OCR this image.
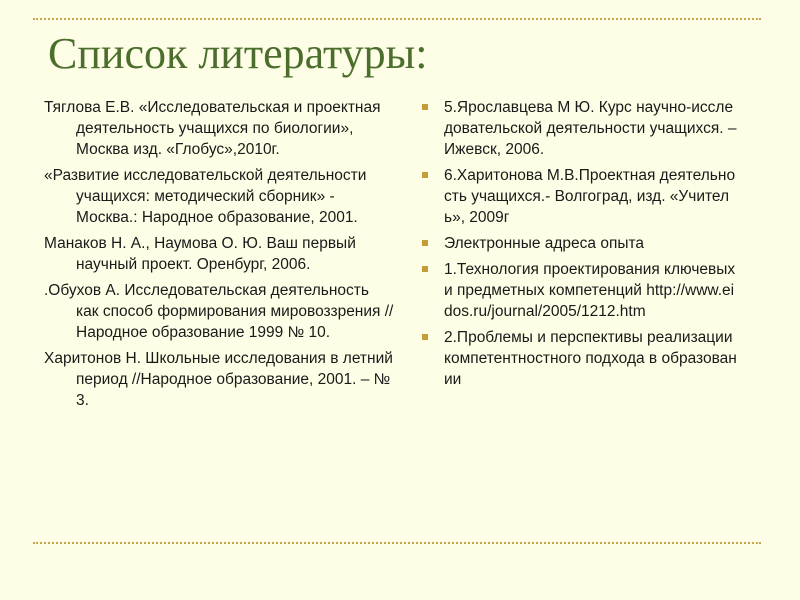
Список литературы:
Тяглова Е.В. «Исследовательская и проектная деятельность учащихся по биологии», Москва изд. «Глобус»,2010г.
«Развитие исследовательской деятельности учащихся: методический сборник» - Москва.: Народное образование, 2001.
Манаков Н. А., Наумова О. Ю. Ваш первый научный проект. Оренбург, 2006.
.Обухов А. Исследовательская деятельность как способ формирования мировоззрения //Народное образование 1999 № 10.
Харитонов Н. Школьные исследования в летний период //Народное образование, 2001. – № 3.
5.Ярославцева М Ю. Курс научно-исследовательской деятельности учащихся. – Ижевск, 2006.
6.Харитонова М.В.Проектная деятельность учащихся.- Волгоград, изд. «Учитель», 2009г
Электронные адреса опыта
1.Технология проектирования ключевых и предметных компетенций http://www.eidos.ru/journal/2005/1212.htm
2.Проблемы и перспективы реализации компетентностного подхода в образовании
